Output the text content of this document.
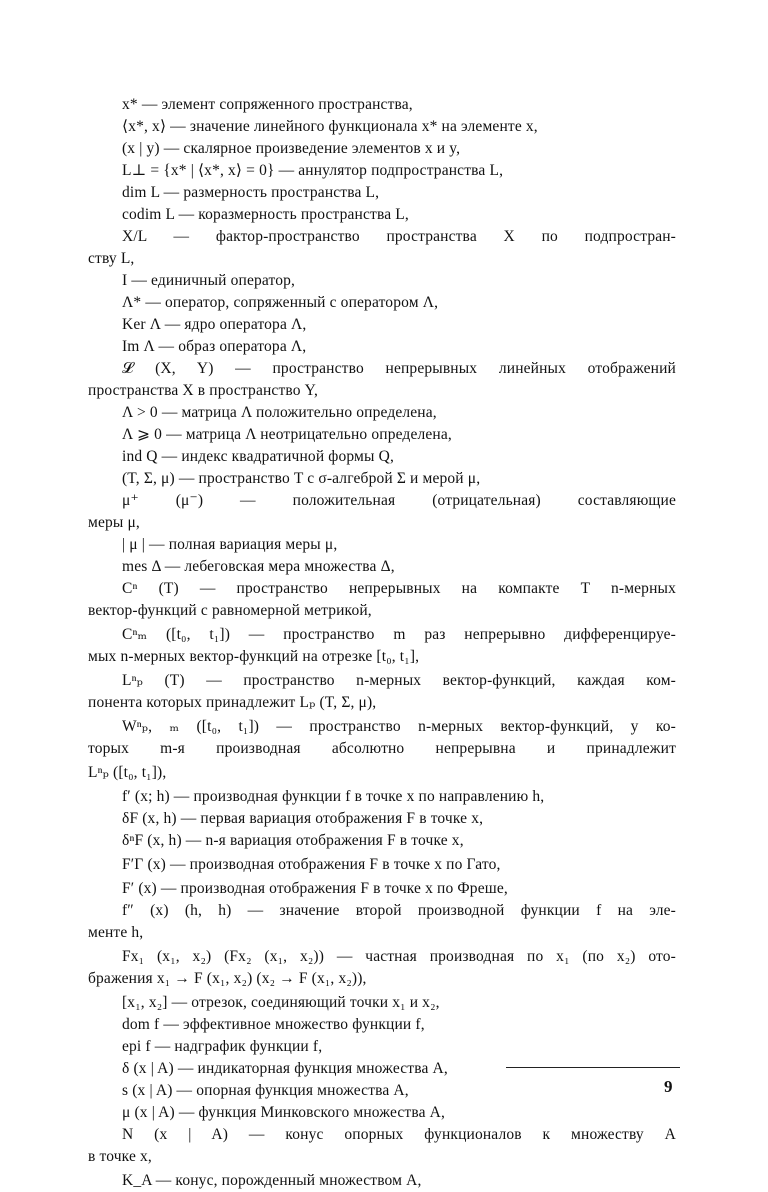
x* — элемент сопряженного пространства,
⟨x*, x⟩ — значение линейного функционала x* на элементе x,
(x | y) — скалярное произведение элементов x и y,
L⊥ = {x* | ⟨x*, x⟩ = 0} — аннулятор подпространства L,
dim L — размерность пространства L,
codim L — коразмерность пространства L,
X/L — фактор-пространство пространства X по подпростран-
ству L,
I — единичный оператор,
Λ* — оператор, сопряженный с оператором Λ,
Ker Λ — ядро оператора Λ,
Im Λ — образ оператора Λ,
𝓛 (X, Y) — пространство непрерывных линейных отображений
пространства X в пространство Y,
Λ > 0 — матрица Λ положительно определена,
Λ ⩾ 0 — матрица Λ неотрицательно определена,
ind Q — индекс квадратичной формы Q,
(T, Σ, μ) — пространство T с σ-алгеброй Σ и мерой μ,
μ⁺ (μ⁻) — положительная (отрицательная) составляющие
меры μ,
| μ | — полная вариация меры μ,
mes Δ — лебеговская мера множества Δ,
Cⁿ (T) — пространство непрерывных на компакте T n-мерных
вектор-функций с равномерной метрикой,
Cⁿₘ ([t₀, t₁]) — пространство m раз непрерывно дифференцируе-
мых n-мерных вектор-функций на отрезке [t₀, t₁],
Lⁿₚ (T) — пространство n-мерных вектор-функций, каждая ком-
понента которых принадлежит Lₚ (T, Σ, μ),
Wⁿₚ, ₘ ([t₀, t₁]) — пространство n-мерных вектор-функций, у ко-
торых m-я производная абсолютно непрерывна и принадлежит
Lⁿₚ ([t₀, t₁]),
f′ (x; h) — производная функции f в точке x по направлению h,
δF (x, h) — первая вариация отображения F в точке x,
δⁿF (x, h) — n-я вариация отображения F в точке x,
F′Γ (x) — производная отображения F в точке x по Гато,
F′ (x) — производная отображения F в точке x по Фреше,
f″ (x) (h, h) — значение второй производной функции f на эле-
менте h,
Fx₁ (x₁, x₂) (Fx₂ (x₁, x₂)) — частная производная по x₁ (по x₂) ото-
бражения x₁ → F (x₁, x₂) (x₂ → F (x₁, x₂)),
[x₁, x₂] — отрезок, соединяющий точки x₁ и x₂,
dom f — эффективное множество функции f,
epi f — надграфик функции f,
δ (x | A) — индикаторная функция множества A,
s (x | A) — опорная функция множества A,
μ (x | A) — функция Минковского множества A,
N (x | A) — конус опорных функционалов к множеству A
в точке x,
K_A — конус, порожденный множеством A,
9
